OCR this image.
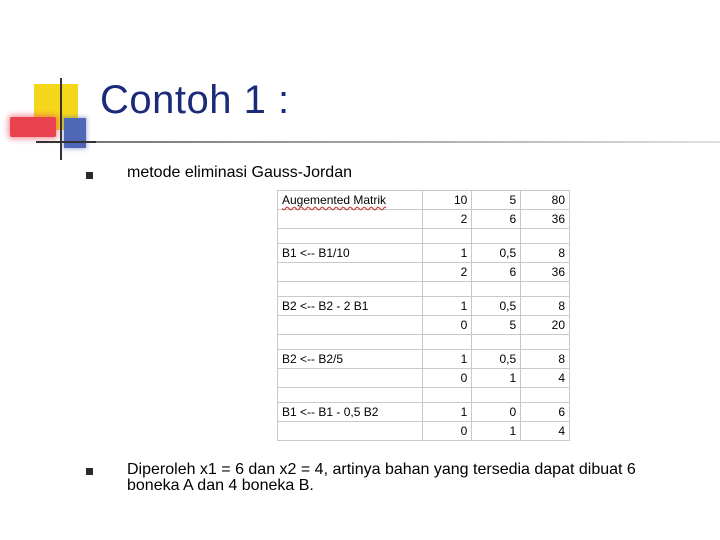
Contoh 1 :
metode eliminasi Gauss-Jordan
Augemented Matrik	10	5	80
	2	6	36

B1 <-- B1/10	1	0,5	8
	2	6	36

B2 <-- B2 - 2 B1	1	0,5	8
	0	5	20

B2 <-- B2/5	1	0,5	8
	0	1	4

B1 <-- B1 - 0,5 B2	1	0	6
	0	1	4
Diperoleh x1 = 6 dan x2 = 4, artinya bahan yang tersedia dapat dibuat 6 boneka A dan 4 boneka B.
